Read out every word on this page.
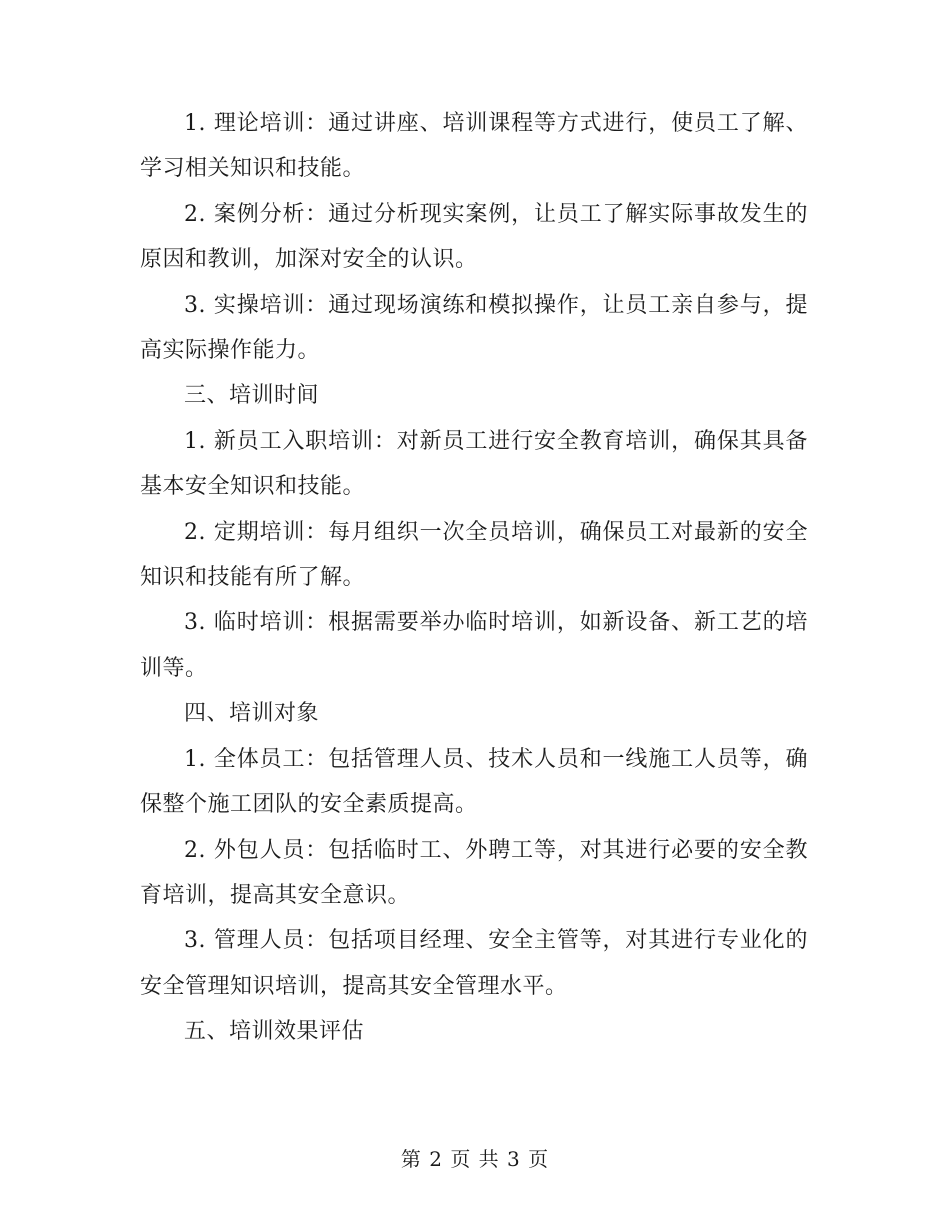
1. 理论培训：通过讲座、培训课程等方式进行，使员工了解、学习相关知识和技能。

2. 案例分析：通过分析现实案例，让员工了解实际事故发生的原因和教训，加深对安全的认识。

3. 实操培训：通过现场演练和模拟操作，让员工亲自参与，提高实际操作能力。

三、培训时间

1. 新员工入职培训：对新员工进行安全教育培训，确保其具备基本安全知识和技能。

2. 定期培训：每月组织一次全员培训，确保员工对最新的安全知识和技能有所了解。

3. 临时培训：根据需要举办临时培训，如新设备、新工艺的培训等。

四、培训对象

1. 全体员工：包括管理人员、技术人员和一线施工人员等，确保整个施工团队的安全素质提高。

2. 外包人员：包括临时工、外聘工等，对其进行必要的安全教育培训，提高其安全意识。

3. 管理人员：包括项目经理、安全主管等，对其进行专业化的安全管理知识培训，提高其安全管理水平。

五、培训效果评估

第 2 页 共 3 页
